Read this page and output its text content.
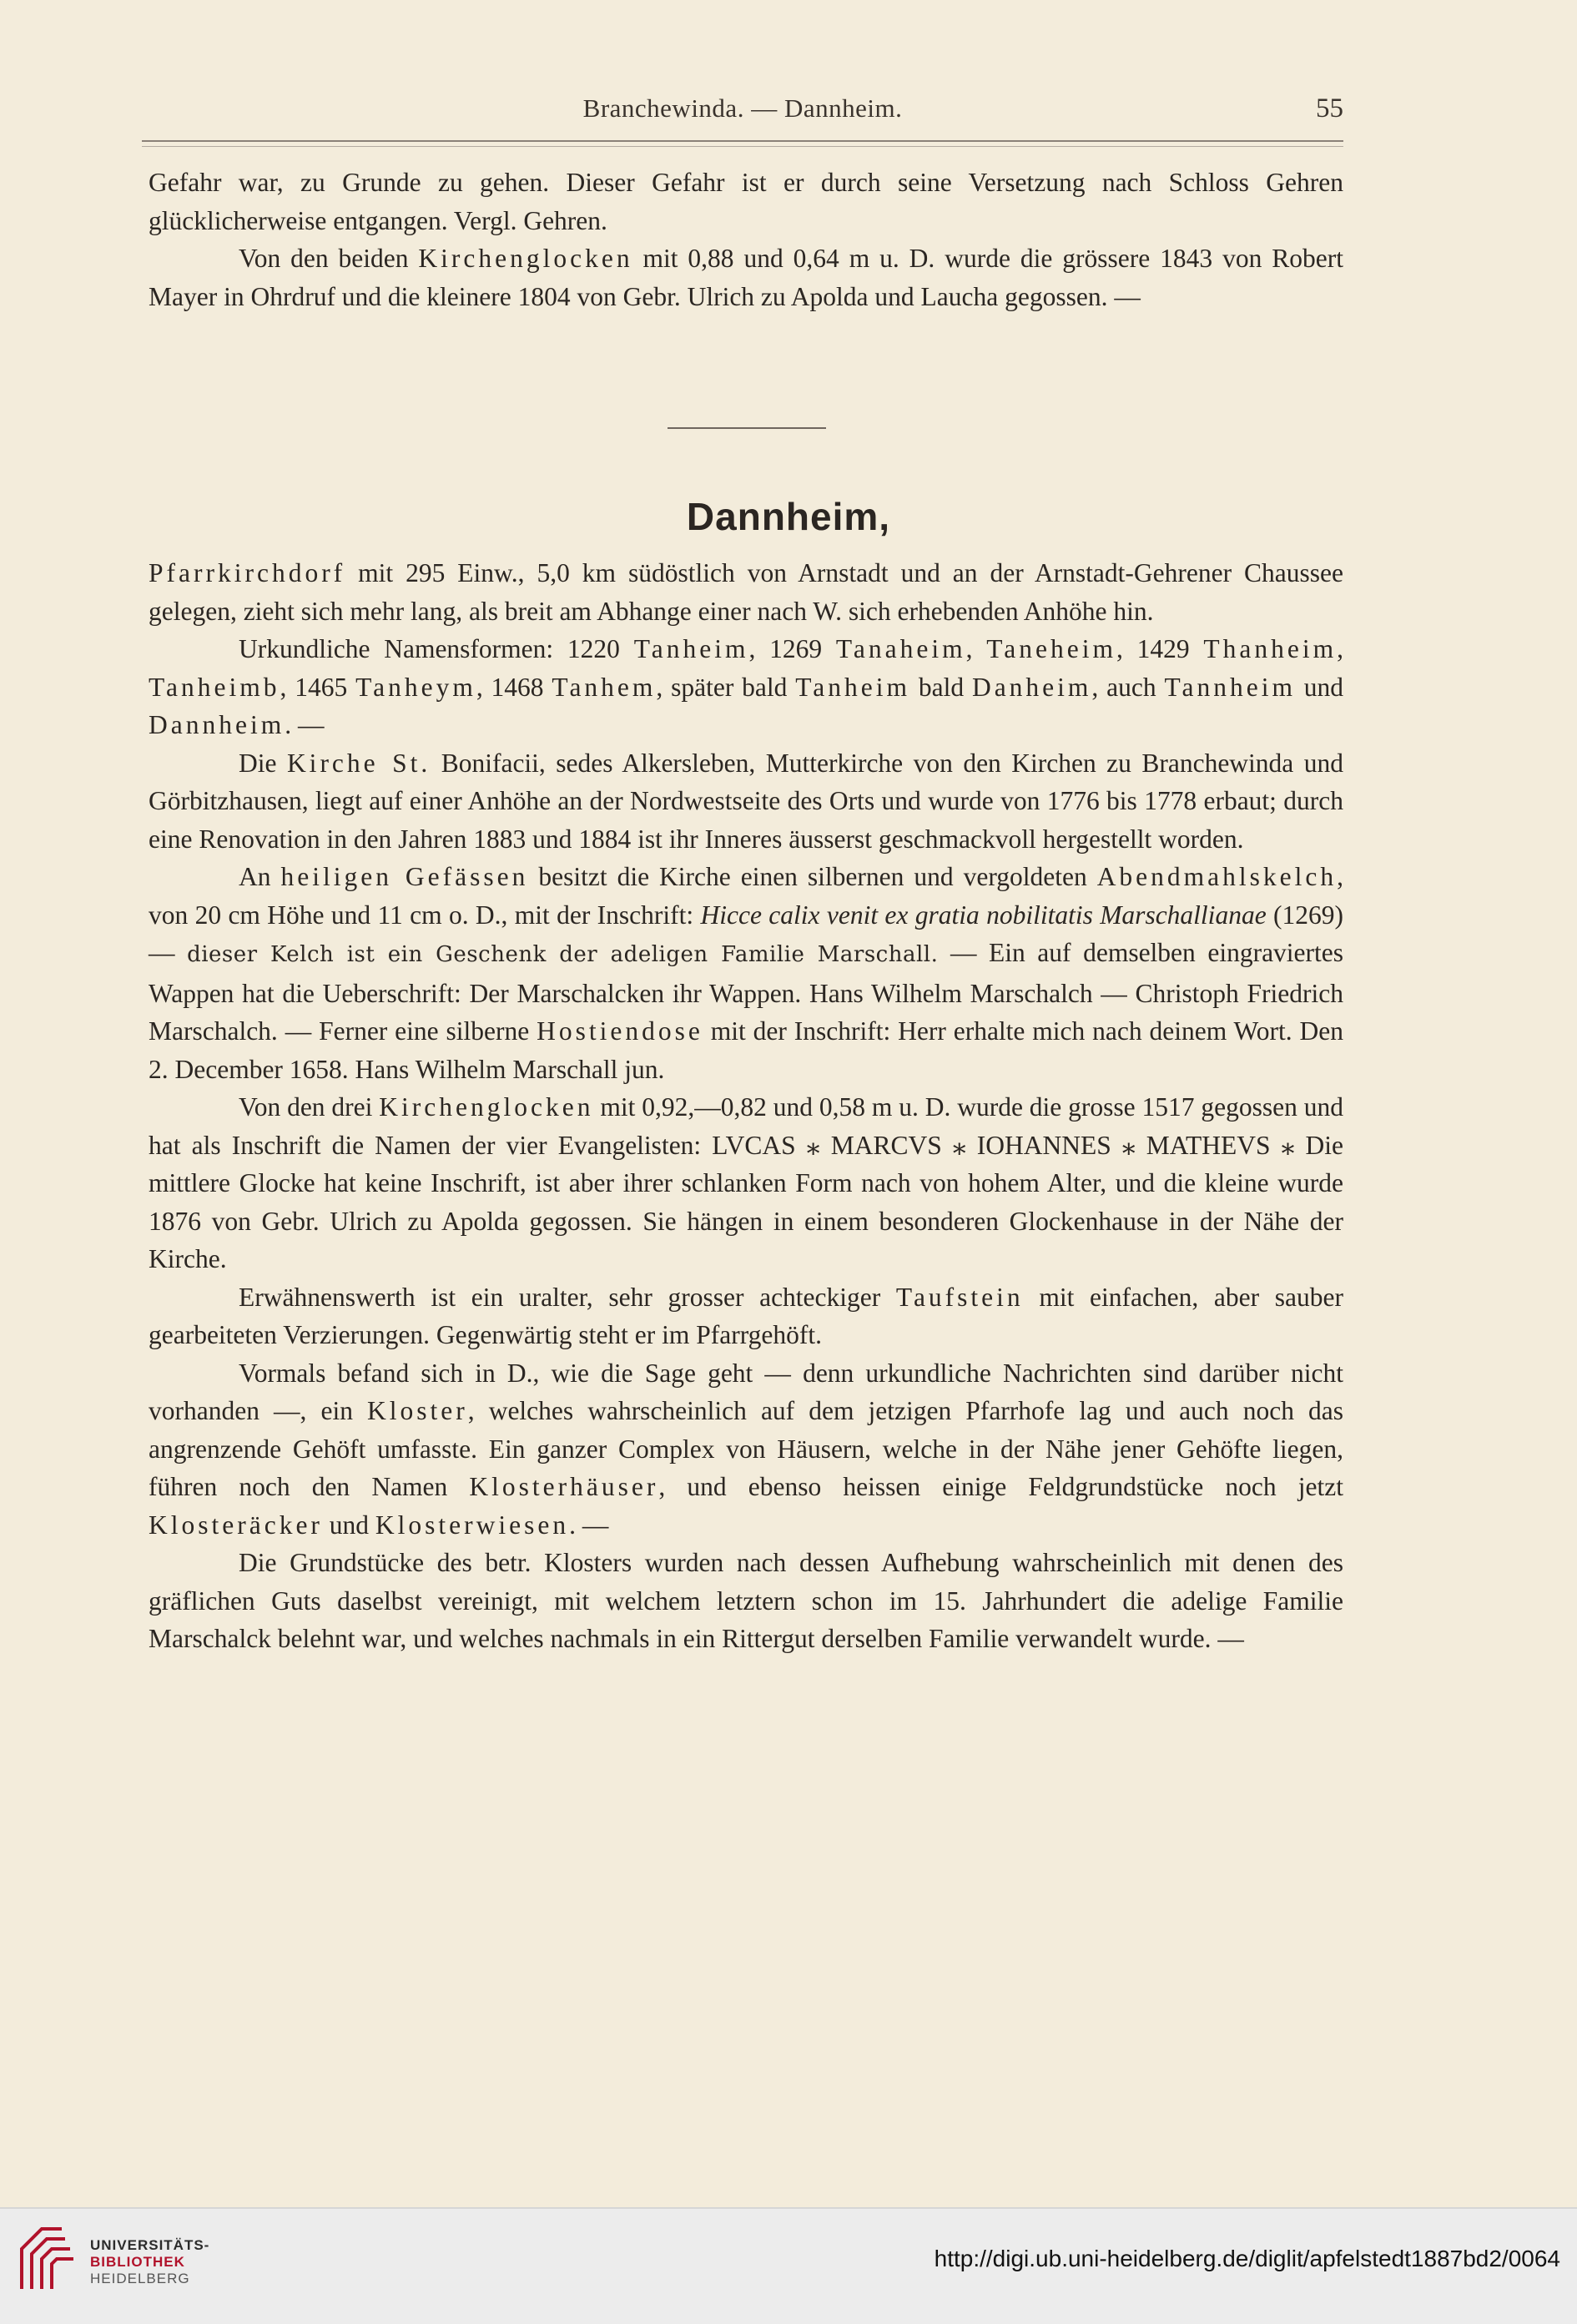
Branchewinda. — Dannheim.	55

Gefahr war, zu Grunde zu gehen. Dieser Gefahr ist er durch seine Versetzung nach Schloss Gehren glücklicherweise entgangen. Vergl. Gehren.

Von den beiden Kirchenglocken mit 0,88 und 0,64 m u. D. wurde die grössere 1843 von Robert Mayer in Ohrdruf und die kleinere 1804 von Gebr. Ulrich zu Apolda und Laucha gegossen. —

Dannheim,

Pfarrkirchdorf mit 295 Einw., 5,0 km südöstlich von Arnstadt und an der Arnstadt-Gehrener Chaussee gelegen, zieht sich mehr lang, als breit am Abhange einer nach W. sich erhebenden Anhöhe hin.

Urkundliche Namensformen: 1220 Tanheim, 1269 Tanaheim, Taneheim, 1429 Thanheim, Tanheimb, 1465 Tanheym, 1468 Tanhem, später bald Tanheim bald Danheim, auch Tannheim und Dannheim. —

Die Kirche St. Bonifacii, sedes Alkersleben, Mutterkirche von den Kirchen zu Branchewinda und Görbitzhausen, liegt auf einer Anhöhe an der Nordwestseite des Orts und wurde von 1776 bis 1778 erbaut; durch eine Renovation in den Jahren 1883 und 1884 ist ihr Inneres äusserst geschmackvoll hergestellt worden.

An heiligen Gefässen besitzt die Kirche einen silbernen und vergoldeten Abendmahlskelch, von 20 cm Höhe und 11 cm o. D., mit der Inschrift: Hicce calix venit ex gratia nobilitatis Marschallianae (1269) — dieser Kelch ist ein Geschenk der adeligen Familie Marschall. — Ein auf demselben eingraviertes Wappen hat die Ueberschrift: Der Marschalcken ihr Wappen. Hans Wilhelm Marschalch — Christoph Friedrich Marschalch. — Ferner eine silberne Hostiendose mit der Inschrift: Herr erhalte mich nach deinem Wort. Den 2. December 1658. Hans Wilhelm Marschall jun.

Von den drei Kirchenglocken mit 0,92,—0,82 und 0,58 m u. D. wurde die grosse 1517 gegossen und hat als Inschrift die Namen der vier Evangelisten: LVCAS ⁎ MARCVS ⁎ IOHANNES ⁎ MATHEVS ⁎ Die mittlere Glocke hat keine Inschrift, ist aber ihrer schlanken Form nach von hohem Alter, und die kleine wurde 1876 von Gebr. Ulrich zu Apolda gegossen. Sie hängen in einem besonderen Glockenhause in der Nähe der Kirche.

Erwähnenswerth ist ein uralter, sehr grosser achteckiger Taufstein mit einfachen, aber sauber gearbeiteten Verzierungen. Gegenwärtig steht er im Pfarrgehöft.

Vormals befand sich in D., wie die Sage geht — denn urkundliche Nachrichten sind darüber nicht vorhanden —, ein Kloster, welches wahrscheinlich auf dem jetzigen Pfarrhofe lag und auch noch das angrenzende Gehöft umfasste. Ein ganzer Complex von Häusern, welche in der Nähe jener Gehöfte liegen, führen noch den Namen Klosterhäuser, und ebenso heissen einige Feldgrundstücke noch jetzt Klosteräcker und Klosterwiesen. —

Die Grundstücke des betr. Klosters wurden nach dessen Aufhebung wahrscheinlich mit denen des gräflichen Guts daselbst vereinigt, mit welchem letztern schon im 15. Jahrhundert die adelige Familie Marschalck belehnt war, und welches nachmals in ein Rittergut derselben Familie verwandelt wurde. —

UNIVERSITÄTS-
BIBLIOTHEK
HEIDELBERG
http://digi.ub.uni-heidelberg.de/diglit/apfelstedt1887bd2/0064
